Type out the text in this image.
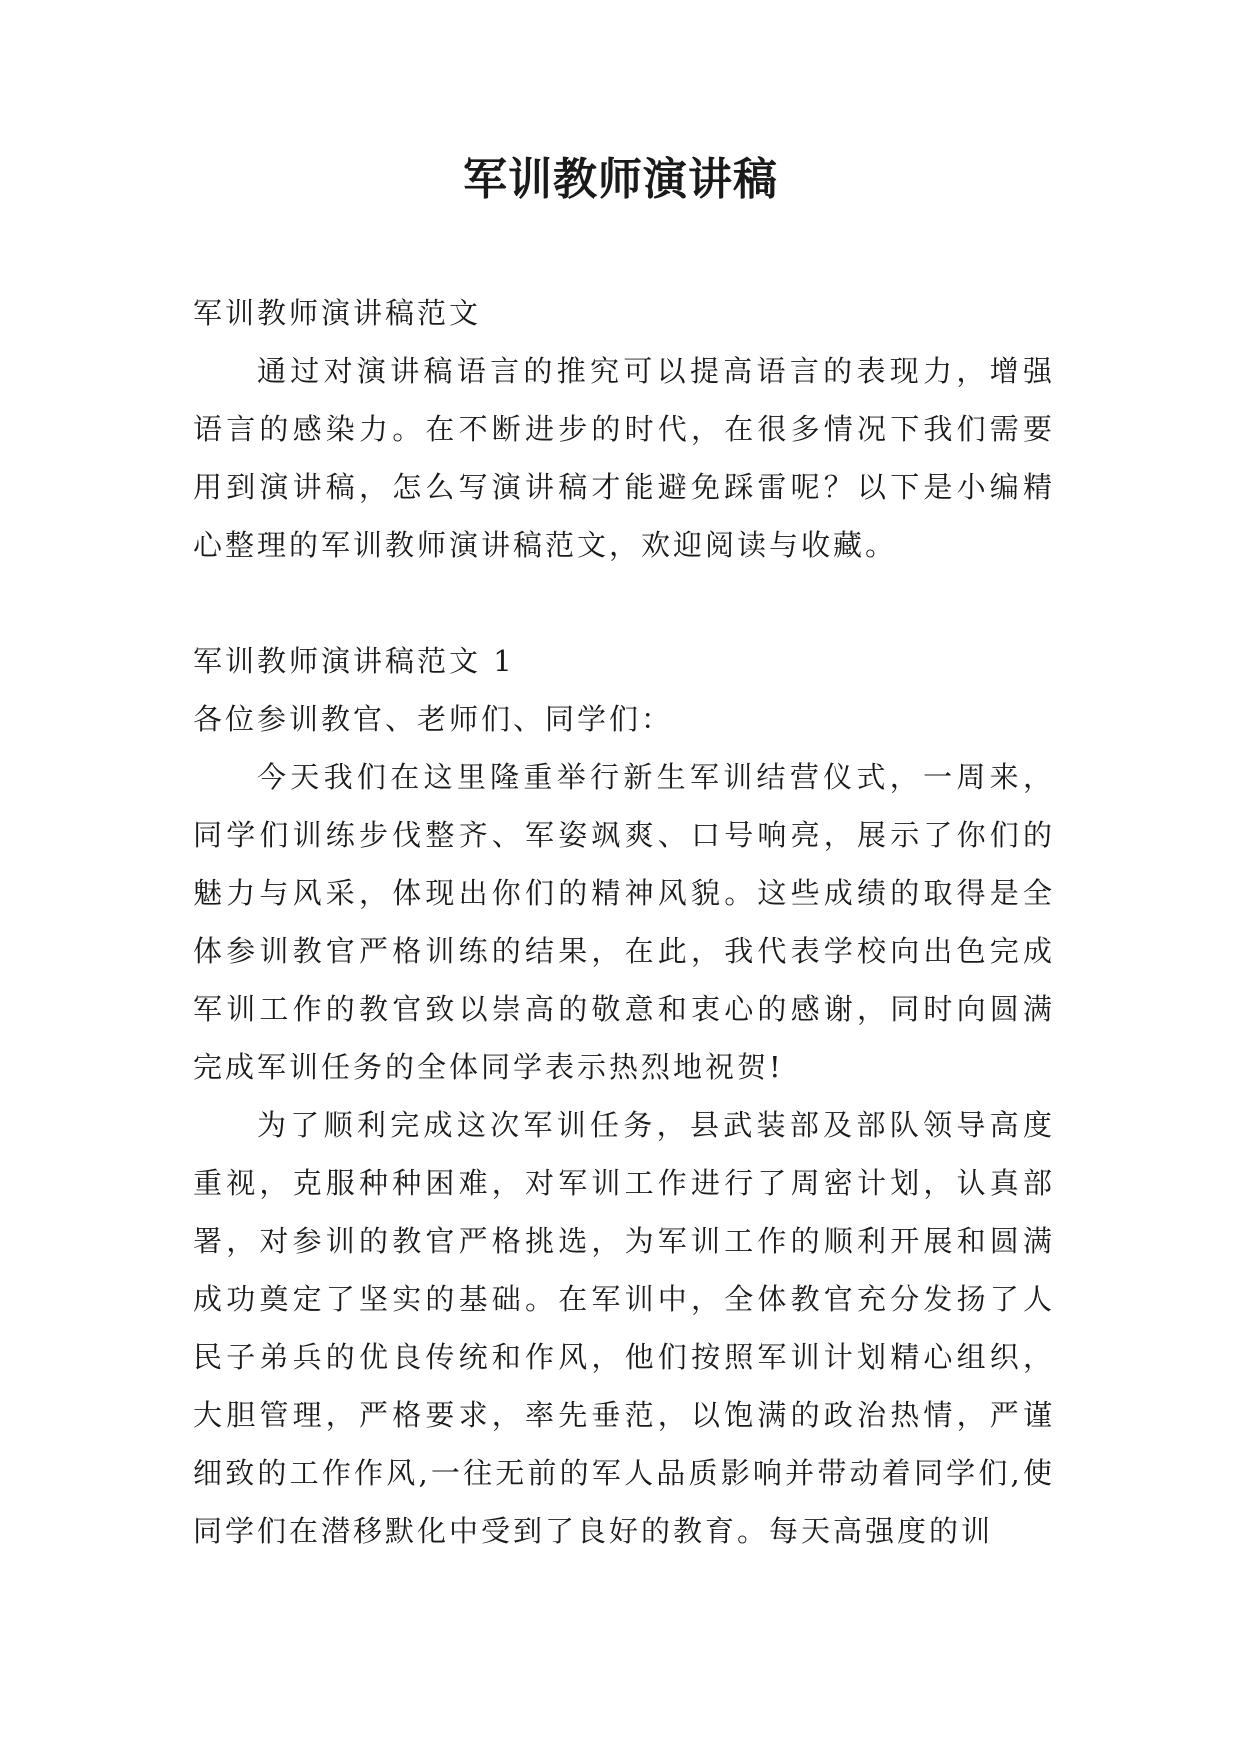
军训教师演讲稿

军训教师演讲稿范文

通过对演讲稿语言的推究可以提高语言的表现力，增强语言的感染力。在不断进步的时代，在很多情况下我们需要用到演讲稿，怎么写演讲稿才能避免踩雷呢？以下是小编精心整理的军训教师演讲稿范文，欢迎阅读与收藏。

军训教师演讲稿范文 1

各位参训教官、老师们、同学们：

今天我们在这里隆重举行新生军训结营仪式，一周来，同学们训练步伐整齐、军姿飒爽、口号响亮，展示了你们的魅力与风采，体现出你们的精神风貌。这些成绩的取得是全体参训教官严格训练的结果，在此，我代表学校向出色完成军训工作的教官致以崇高的敬意和衷心的感谢，同时向圆满完成军训任务的全体同学表示热烈地祝贺!

为了顺利完成这次军训任务，县武装部及部队领导高度重视，克服种种困难，对军训工作进行了周密计划，认真部署，对参训的教官严格挑选，为军训工作的顺利开展和圆满成功奠定了坚实的基础。在军训中，全体教官充分发扬了人民子弟兵的优良传统和作风，他们按照军训计划精心组织，大胆管理，严格要求，率先垂范，以饱满的政治热情，严谨细致的工作作风,一往无前的军人品质影响并带动着同学们,使同学们在潜移默化中受到了良好的教育。每天高强度的训
